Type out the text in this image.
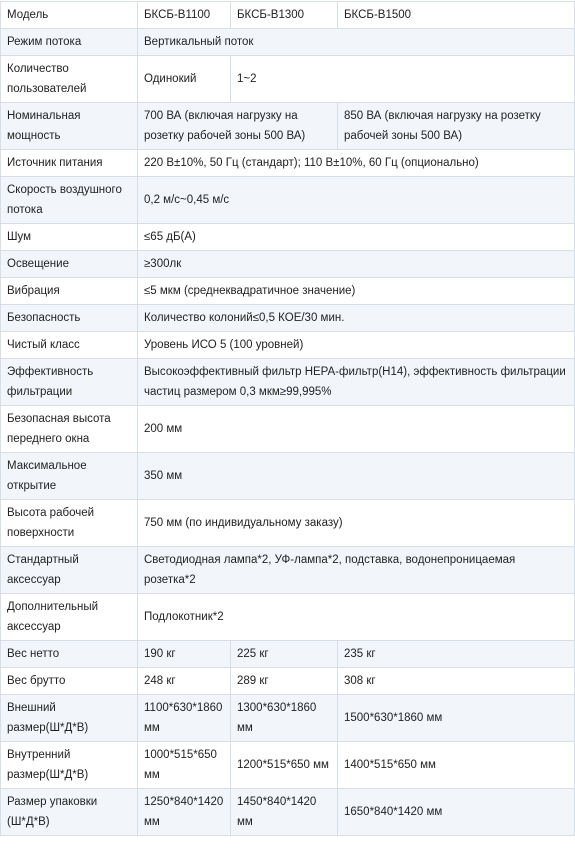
Модель	БКСБ-В1100	БКСБ-В1300	БКСБ-В1500
Режим потока	Вертикальный поток		
Количество пользователей	Одинокий	1~2	
Номинальная мощность	700 ВА (включая нагрузку на розетку рабочей зоны 500 ВА)		850 ВА (включая нагрузку на розетку рабочей зоны 500 ВА)
Источник питания	220 В±10%, 50 Гц (стандарт); 110 В±10%, 60 Гц (опционально)		
Скорость воздушного потока	0,2 м/с~0,45 м/с		
Шум	≤65 дБ(А)		
Освещение	≥300лк		
Вибрация	≤5 мкм (среднеквадратичное значение)		
Безопасность	Количество колоний≤0,5 КОЕ/30 мин.		
Чистый класс	Уровень ИСО 5 (100 уровней)		
Эффективность фильтрации	Высокоэффективный фильтр HEPA-фильтр(H14), эффективность фильтрации частиц размером 0,3 мкм≥99,995%		
Безопасная высота переднего окна	200 мм		
Максимальное открытие	350 мм		
Высота рабочей поверхности	750 мм (по индивидуальному заказу)		
Стандартный аксессуар	Светодиодная лампа*2, УФ-лампа*2, подставка, водонепроницаемая розетка*2		
Дополнительный аксессуар	Подлокотник*2		
Вес нетто	190 кг	225 кг	235 кг
Вес брутто	248 кг	289 кг	308 кг
Внешний размер(Ш*Д*В)	1100*630*1860 мм	1300*630*1860 мм	1500*630*1860 мм
Внутренний размер(Ш*Д*В)	1000*515*650 мм	1200*515*650 мм	1400*515*650 мм
Размер упаковки (Ш*Д*В)	1250*840*1420 мм	1450*840*1420 мм	1650*840*1420 мм
